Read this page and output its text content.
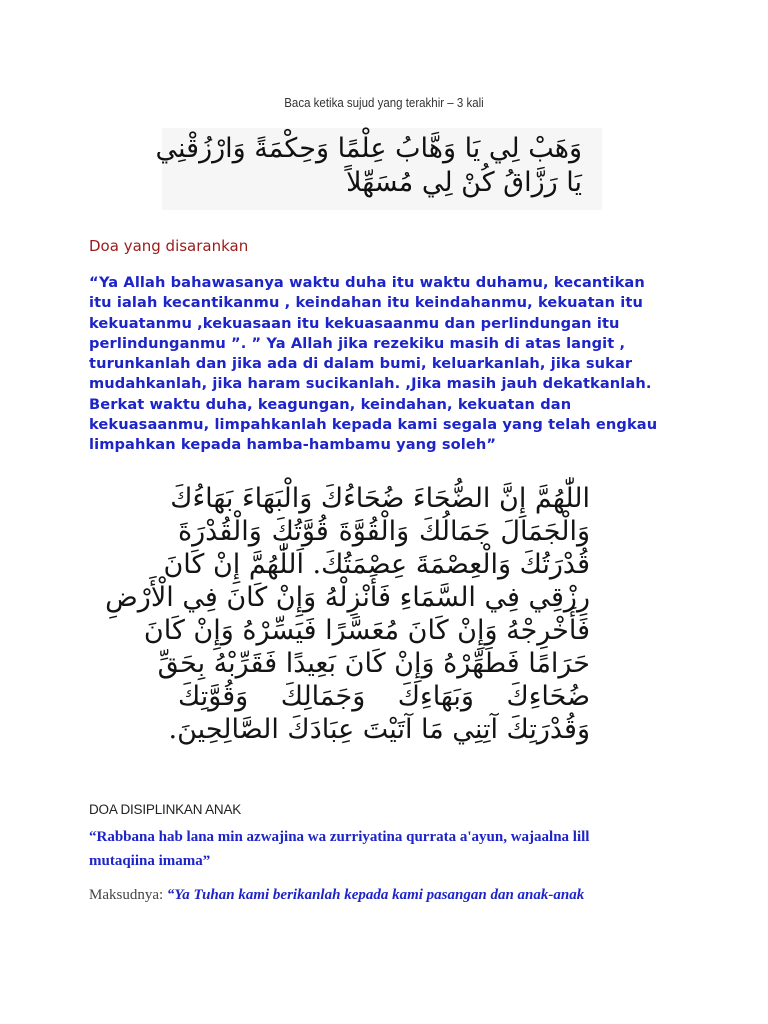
Baca ketika sujud yang terakhir – 3 kali
وَهَبْ لِي يَا وَهَّابُ عِلْمًا وَحِكْمَةً وَارْزُقْنِي
يَا رَزَّاقُ كُنْ لِي مُسَهِّلاً
Doa yang disarankan
“Ya Allah bahawasanya waktu duha itu waktu duhamu, kecantikan
itu ialah kecantikanmu , keindahan itu keindahanmu, kekuatan itu
kekuatanmu ,kekuasaan itu kekuasaanmu dan perlindungan itu
perlindunganmu ”. ” Ya Allah jika rezekiku masih di atas langit ,
turunkanlah dan jika ada di dalam bumi, keluarkanlah, jika sukar
mudahkanlah, jika haram sucikanlah. ,Jika masih jauh dekatkanlah.
Berkat waktu duha, keagungan, keindahan, kekuatan dan
kekuasaanmu, limpahkanlah kepada kami segala yang telah engkau
limpahkan kepada hamba-hambamu yang soleh”
اللّٰهُمَّ إِنَّ الضُّحَاءَ ضُحَاءُكَ وَالْبَهَاءَ بَهَاءُكَ
وَالْجَمَالَ جَمَالُكَ وَالْقُوَّةَ قُوَّتُكَ وَالْقُدْرَةَ
قُدْرَتُكَ وَالْعِصْمَةَ عِصْمَتُكَ. اَللّٰهُمَّ إِنْ كَانَ
رِزْقِي فِي السَّمَاءِ فَأَنْزِلْهُ وَإِنْ كَانَ فِي الْأَرْضِ
فَأَخْرِجْهُ وَإِنْ كَانَ مُعَسَّرًا فَيَسِّرْهُ وَإِنْ كَانَ
حَرَامًا فَطَهِّرْهُ وَإِنْ كَانَ بَعِيدًا فَقَرِّبْهُ بِحَقِّ
ضُحَاءِكَ وَبَهَاءِكَ وَجَمَالِكَ وَقُوَّتِكَ
وَقُدْرَتِكَ آتِنِي مَا آتَيْتَ عِبَادَكَ الصَّالِحِينَ.
DOA DISIPLINKAN ANAK
“Rabbana hab lana min azwajina wa zurriyatina qurrata a'ayun, wajaalna lill
mutaqiina imama”
Maksudnya: “Ya Tuhan kami berikanlah kepada kami pasangan dan anak-anak
